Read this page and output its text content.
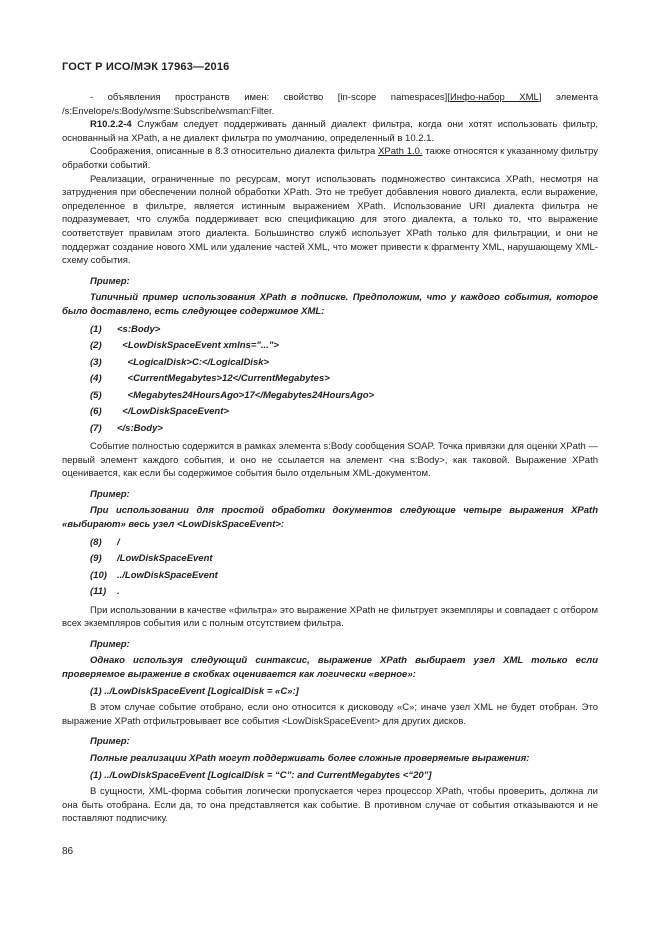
ГОСТ Р ИСО/МЭК 17963—2016

- объявления пространств имен: свойство [in-scope namespaces][Инфо-набор XML] элемента /s:Envelope/s:Body/wsme:Subscribe/wsman:Filter.

R10.2.2-4 Службам следует поддерживать данный диалект фильтра, когда они хотят использовать фильтр, основанный на XPath, а не диалект фильтра по умолчанию, определенный в 10.2.1.

Соображения, описанные в 8.3 относительно диалекта фильтра XPath 1.0. также относятся к указанному фильтру обработки событий.

Реализации, ограниченные по ресурсам, могут использовать подмножество синтаксиса XPath, несмотря на затруднения при обеспечении полной обработки XPath. Это не требует добавления нового диалекта, если выражение, определенное в фильтре, является истинным выражением XPath. Использование URI диалекта фильтра не подразумевает, что служба поддерживает всю спецификацию для этого диалекта, а только то, что выражение соответствует правилам этого диалекта. Большинство служб использует XPath только для фильтрации, и они не поддержат создание нового XML или удаление частей XML, что может привести к фрагменту XML, нарушающему XML-схему события.

Пример:

Типичный пример использования XPath в подписке. Предположим, что у каждого события, которое было доставлено, есть следующее содержимое XML:

(1) <s:Body>
(2)  <LowDiskSpaceEvent xmlns="...">
(3)    <LogicalDisk>C:</LogicalDisk>
(4)    <CurrentMegabytes>12</CurrentMegabytes>
(5)    <Megabytes24HoursAgo>17</Megabytes24HoursAgo>
(6)  </LowDiskSpaceEvent>
(7) </s:Body>

Событие полностью содержится в рамках элемента s:Body сообщения SOAP. Точка привязки для оценки XPath — первый элемент каждого события, и оно не ссылается на элемент <на s:Body>, как таковой. Выражение XPath оценивается, как если бы содержимое события было отдельным XML-документом.

Пример:

При использовании для простой обработки документов следующие четыре выражения XPath «выбирают» весь узел <LowDiskSpaceEvent>:

(8) /
(9) /LowDiskSpaceEvent
(10) ../LowDiskSpaceEvent
(11) .

При использовании в качестве «фильтра» это выражение XPath не фильтрует экземпляры и совпадает с отбором всех экземпляров события или с полным отсутствием фильтра.

Пример:

Однако используя следующий синтаксис, выражение XPath выбирает узел XML только если проверяемое выражение в скобках оценивается как логически «верное»:

(1) ../LowDiskSpaceEvent [LogicalDisk = «C»:]

В этом случае событие отобрано, если оно относится к дисководу «C»; иначе узел XML не будет отобран. Это выражение XPath отфильтровывает все события <LowDiskSpaceEvent> для других дисков.

Пример:

Полные реализации XPath могут поддерживать более сложные проверяемые выражения:

(1) ../LowDiskSpaceEvent [LogicalDisk = “C”: and CurrentMegabytes <“20”]

В сущности, XML-форма события логически пропускается через процессор XPath, чтобы проверить, должна ли она быть отобрана. Если да, то она представляется как событие. В противном случае от события отказываются и не поставляют подписчику.

86
